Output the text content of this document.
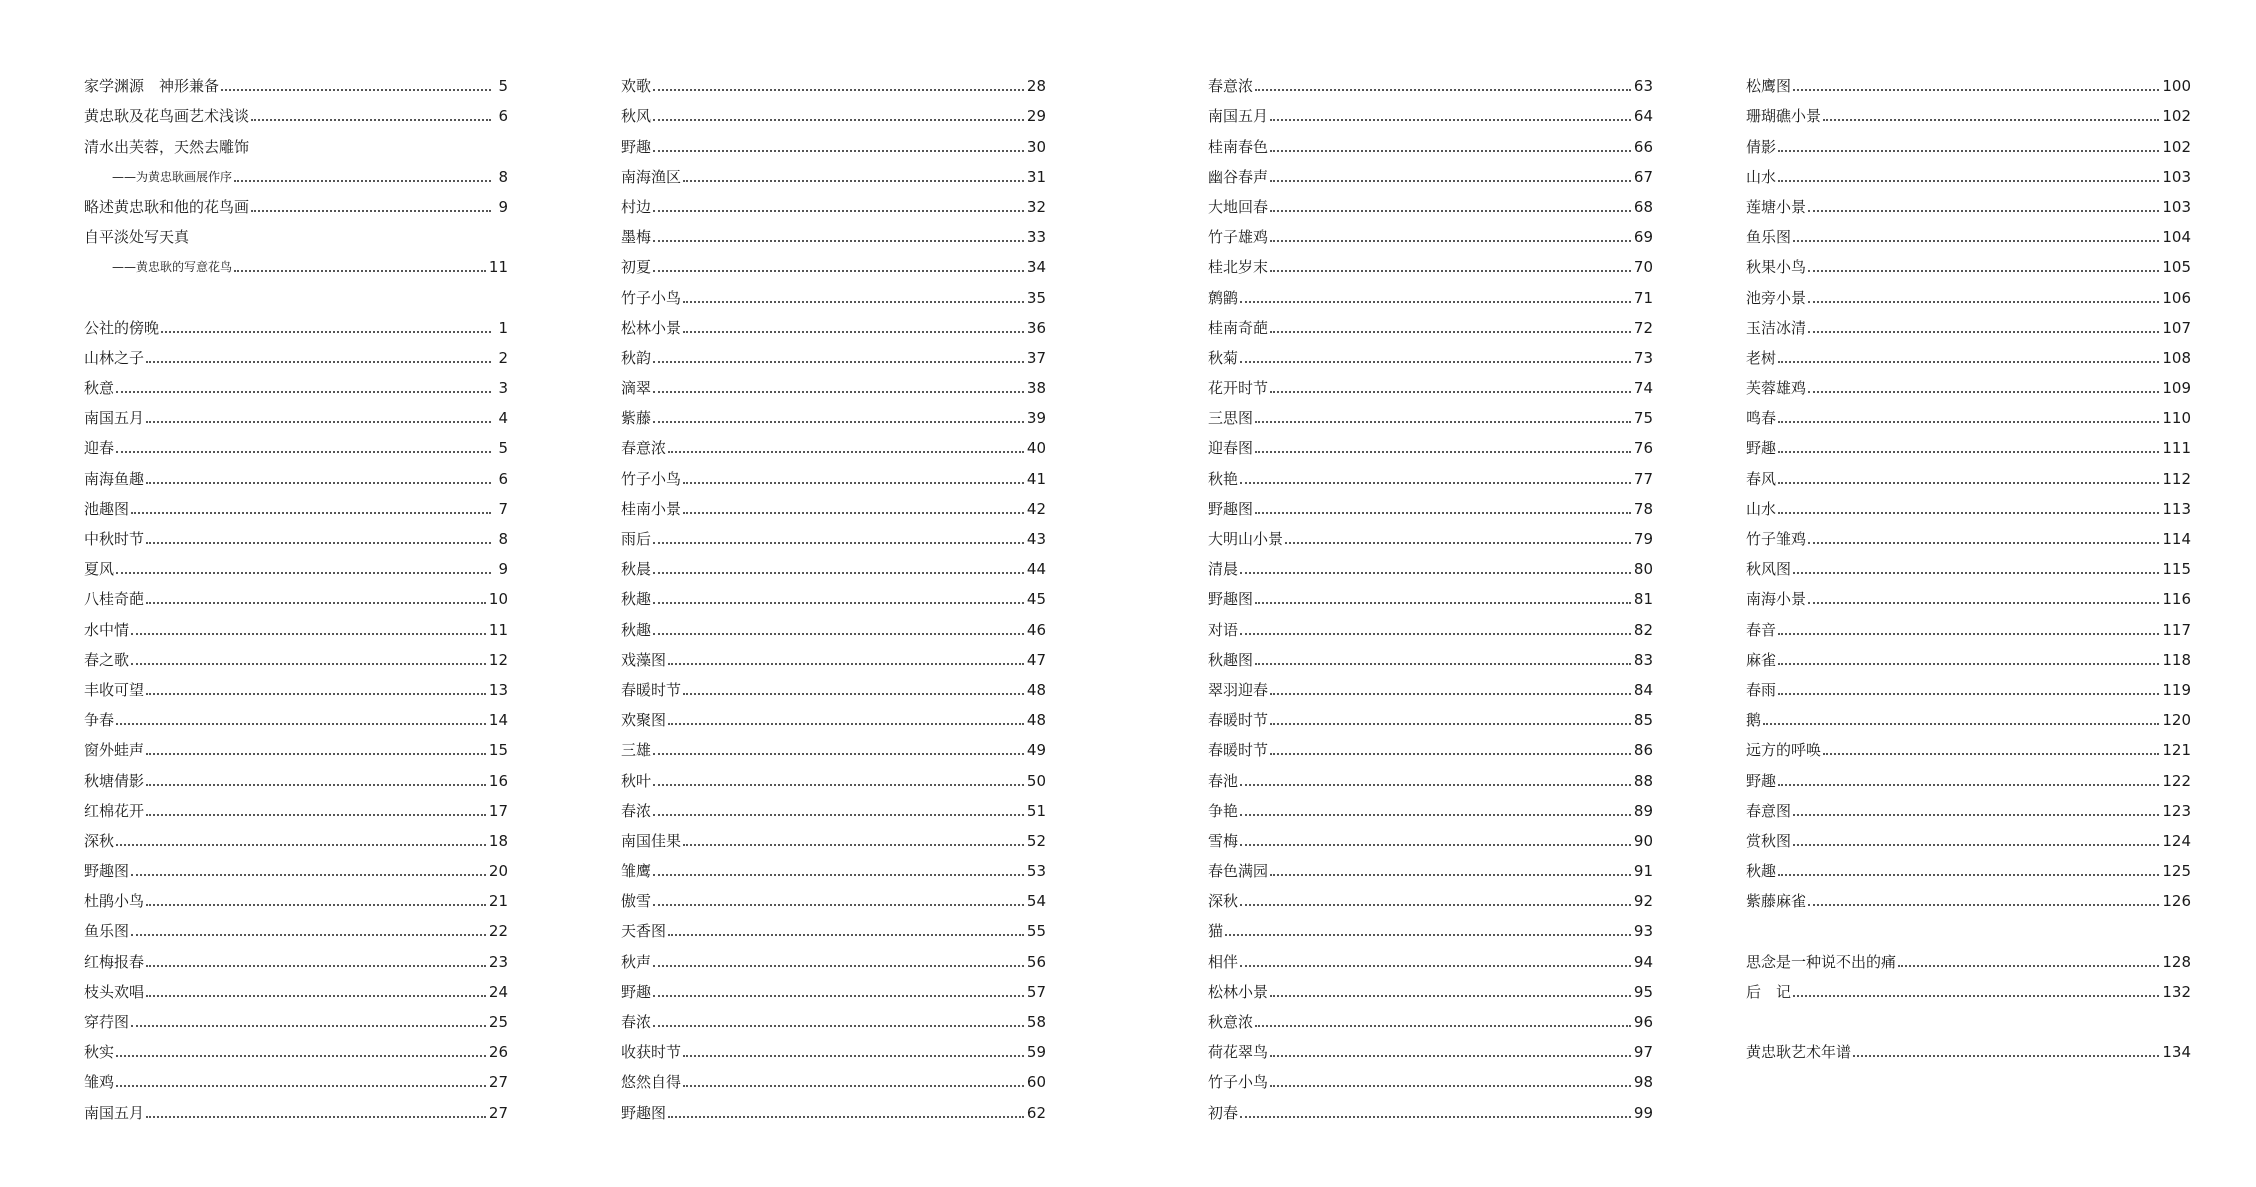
家学渊源　神形兼备	5
黄忠耿及花鸟画艺术浅谈	6
清水出芙蓉，天然去雕饰
——为黄忠耿画展作序	8
略述黄忠耿和他的花鸟画	9
自平淡处写天真
——黄忠耿的写意花鸟	11
公社的傍晚	1
山林之子	2
秋意	3
南国五月	4
迎春	5
南海鱼趣	6
池趣图	7
中秋时节	8
夏风	9
八桂奇葩	10
水中情	11
春之歌	12
丰收可望	13
争春	14
窗外蛙声	15
秋塘倩影	16
红棉花开	17
深秋	18
野趣图	20
杜鹃小鸟	21
鱼乐图	22
红梅报春	23
枝头欢唱	24
穿荇图	25
秋实	26
雏鸡	27
南国五月	27
欢歌	28
秋风	29
野趣	30
南海渔区	31
村边	32
墨梅	33
初夏	34
竹子小鸟	35
松林小景	36
秋韵	37
滴翠	38
紫藤	39
春意浓	40
竹子小鸟	41
桂南小景	42
雨后	43
秋晨	44
秋趣	45
秋趣	46
戏藻图	47
春暖时节	48
欢聚图	48
三雄	49
秋叶	50
春浓	51
南国佳果	52
雏鹰	53
傲雪	54
天香图	55
秋声	56
野趣	57
春浓	58
收获时节	59
悠然自得	60
野趣图	62
春意浓	63
南国五月	64
桂南春色	66
幽谷春声	67
大地回春	68
竹子雄鸡	69
桂北岁末	70
鹩鹠	71
桂南奇葩	72
秋菊	73
花开时节	74
三思图	75
迎春图	76
秋艳	77
野趣图	78
大明山小景	79
清晨	80
野趣图	81
对语	82
秋趣图	83
翠羽迎春	84
春暖时节	85
春暖时节	86
春池	88
争艳	89
雪梅	90
春色满园	91
深秋	92
猫	93
相伴	94
松林小景	95
秋意浓	96
荷花翠鸟	97
竹子小鸟	98
初春	99
松鹰图	100
珊瑚礁小景	102
倩影	102
山水	103
莲塘小景	103
鱼乐图	104
秋果小鸟	105
池旁小景	106
玉洁冰清	107
老树	108
芙蓉雄鸡	109
鸣春	110
野趣	111
春风	112
山水	113
竹子雏鸡	114
秋风图	115
南海小景	116
春音	117
麻雀	118
春雨	119
鹅	120
远方的呼唤	121
野趣	122
春意图	123
赏秋图	124
秋趣	125
紫藤麻雀	126
思念是一种说不出的痛	128
后　记	132
黄忠耿艺术年谱	134
